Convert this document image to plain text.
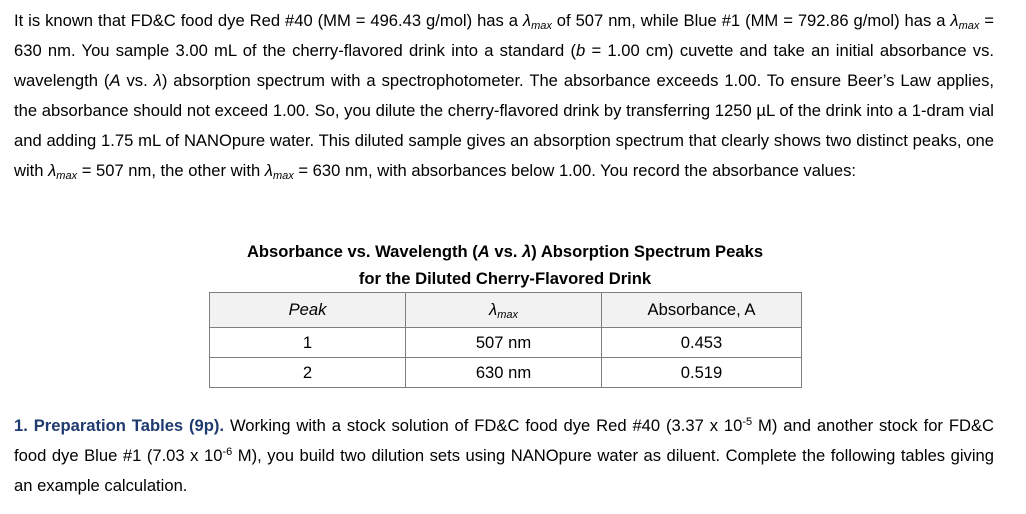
It is known that FD&C food dye Red #40 (MM = 496.43 g/mol) has a $\lambda_{max}$ of 507 nm, while Blue #1 (MM = 792.86 g/mol) has a $\lambda_{max} = 630$ nm. You sample 3.00 mL of the cherry-flavored drink into a standard (b = 1.00 cm) cuvette and take an initial absorbance vs. wavelength (A vs. λ) absorption spectrum with a spectrophotometer. The absorbance exceeds 1.00. To ensure Beer’s Law applies, the absorbance should not exceed 1.00. So, you dilute the cherry-flavored drink by transferring 1250 µL of the drink into a 1-dram vial and adding 1.75 mL of NANOpure water. This diluted sample gives an absorption spectrum that clearly shows two distinct peaks, one with $\lambda_{max} = 507$ nm, the other with $\lambda_{max} = 630$ nm, with absorbances below 1.00. You record the absorbance values:
Absorbance vs. Wavelength (A vs. λ) Absorption Spectrum Peaks
for the Diluted Cherry-Flavored Drink
Peak	$\lambda_{max}$	Absorbance, A
1	507 nm	0.453
2	630 nm	0.519
1. Preparation Tables (9p). Working with a stock solution of FD&C food dye Red #40 (3.37 x $10^{-5}$ M) and another stock for FD&C food dye Blue #1 (7.03 x $10^{-6}$ M), you build two dilution sets using NANOpure water as diluent. Complete the following tables giving an example calculation.
